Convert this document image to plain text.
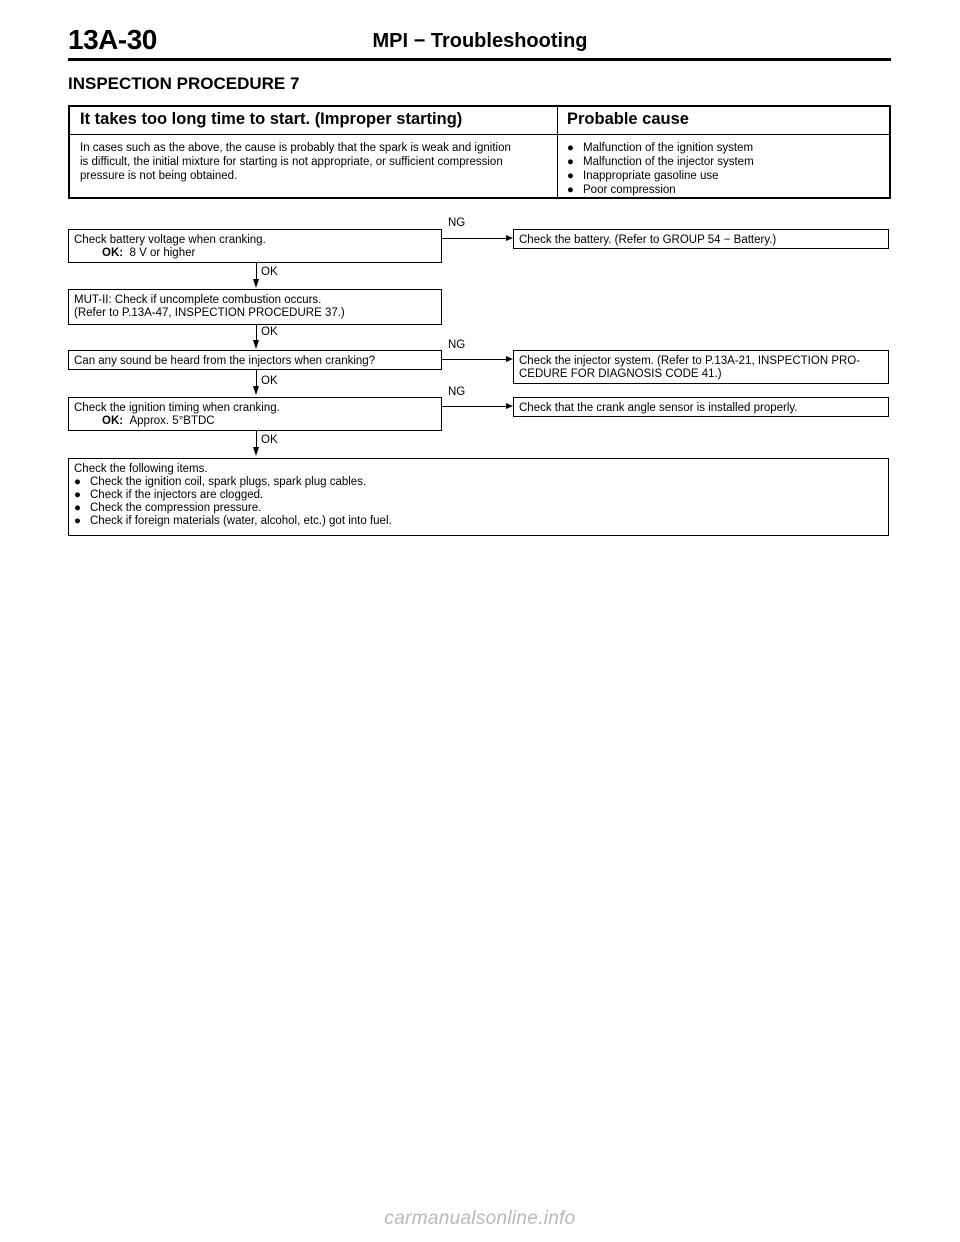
13A-30	MPI − Troubleshooting
INSPECTION PROCEDURE 7
It takes too long time to start. (Improper starting)	Probable cause
In cases such as the above, the cause is probably that the spark is weak and ignition
is difficult, the initial mixture for starting is not appropriate, or sufficient compression
pressure is not being obtained.
● Malfunction of the ignition system
● Malfunction of the injector system
● Inappropriate gasoline use
● Poor compression
Check battery voltage when cranking.
OK: 8 V or higher
NG
Check the battery. (Refer to GROUP 54 − Battery.)
OK
MUT-II: Check if uncomplete combustion occurs.
(Refer to P.13A-47, INSPECTION PROCEDURE 37.)
OK
Can any sound be heard from the injectors when cranking?
NG
Check the injector system. (Refer to P.13A-21, INSPECTION PRO-
CEDURE FOR DIAGNOSIS CODE 41.)
OK
Check the ignition timing when cranking.
OK: Approx. 5°BTDC
NG
Check that the crank angle sensor is installed properly.
OK
Check the following items.
● Check the ignition coil, spark plugs, spark plug cables.
● Check if the injectors are clogged.
● Check the compression pressure.
● Check if foreign materials (water, alcohol, etc.) got into fuel.
carmanualsonline.info
